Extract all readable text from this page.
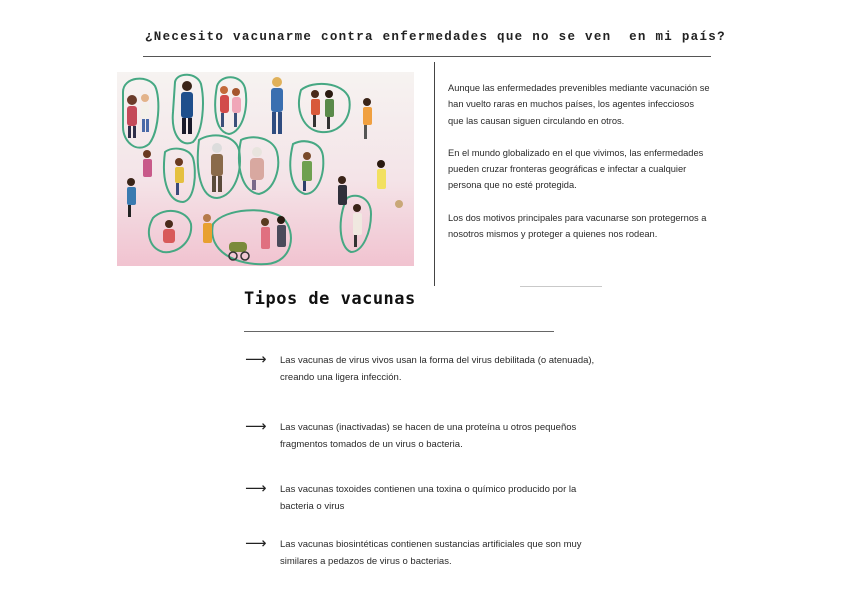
¿Necesito vacunarme contra enfermedades que no se ven  en mi país?

Aunque las enfermedades prevenibles mediante vacunación se han vuelto raras en muchos países, los agentes infecciosos que las causan siguen circulando en otros.

En el mundo globalizado en el que vivimos, las enfermedades pueden cruzar fronteras geográficas e infectar a cualquier persona que no esté protegida.

Los dos motivos principales para vacunarse son protegernos a nosotros mismos y proteger a quienes nos rodean.

Tipos de vacunas
⟶ Las vacunas de virus vivos usan la forma del virus debilitada (o atenuada), creando una ligera infección.
⟶ Las vacunas (inactivadas) se hacen de una proteína u otros pequeños fragmentos tomados de un virus o bacteria.
⟶ Las vacunas toxoides contienen una toxina o químico producido por la bacteria o virus
⟶ Las vacunas biosintéticas contienen sustancias artificiales que son muy similares a pedazos de virus o bacterias.
